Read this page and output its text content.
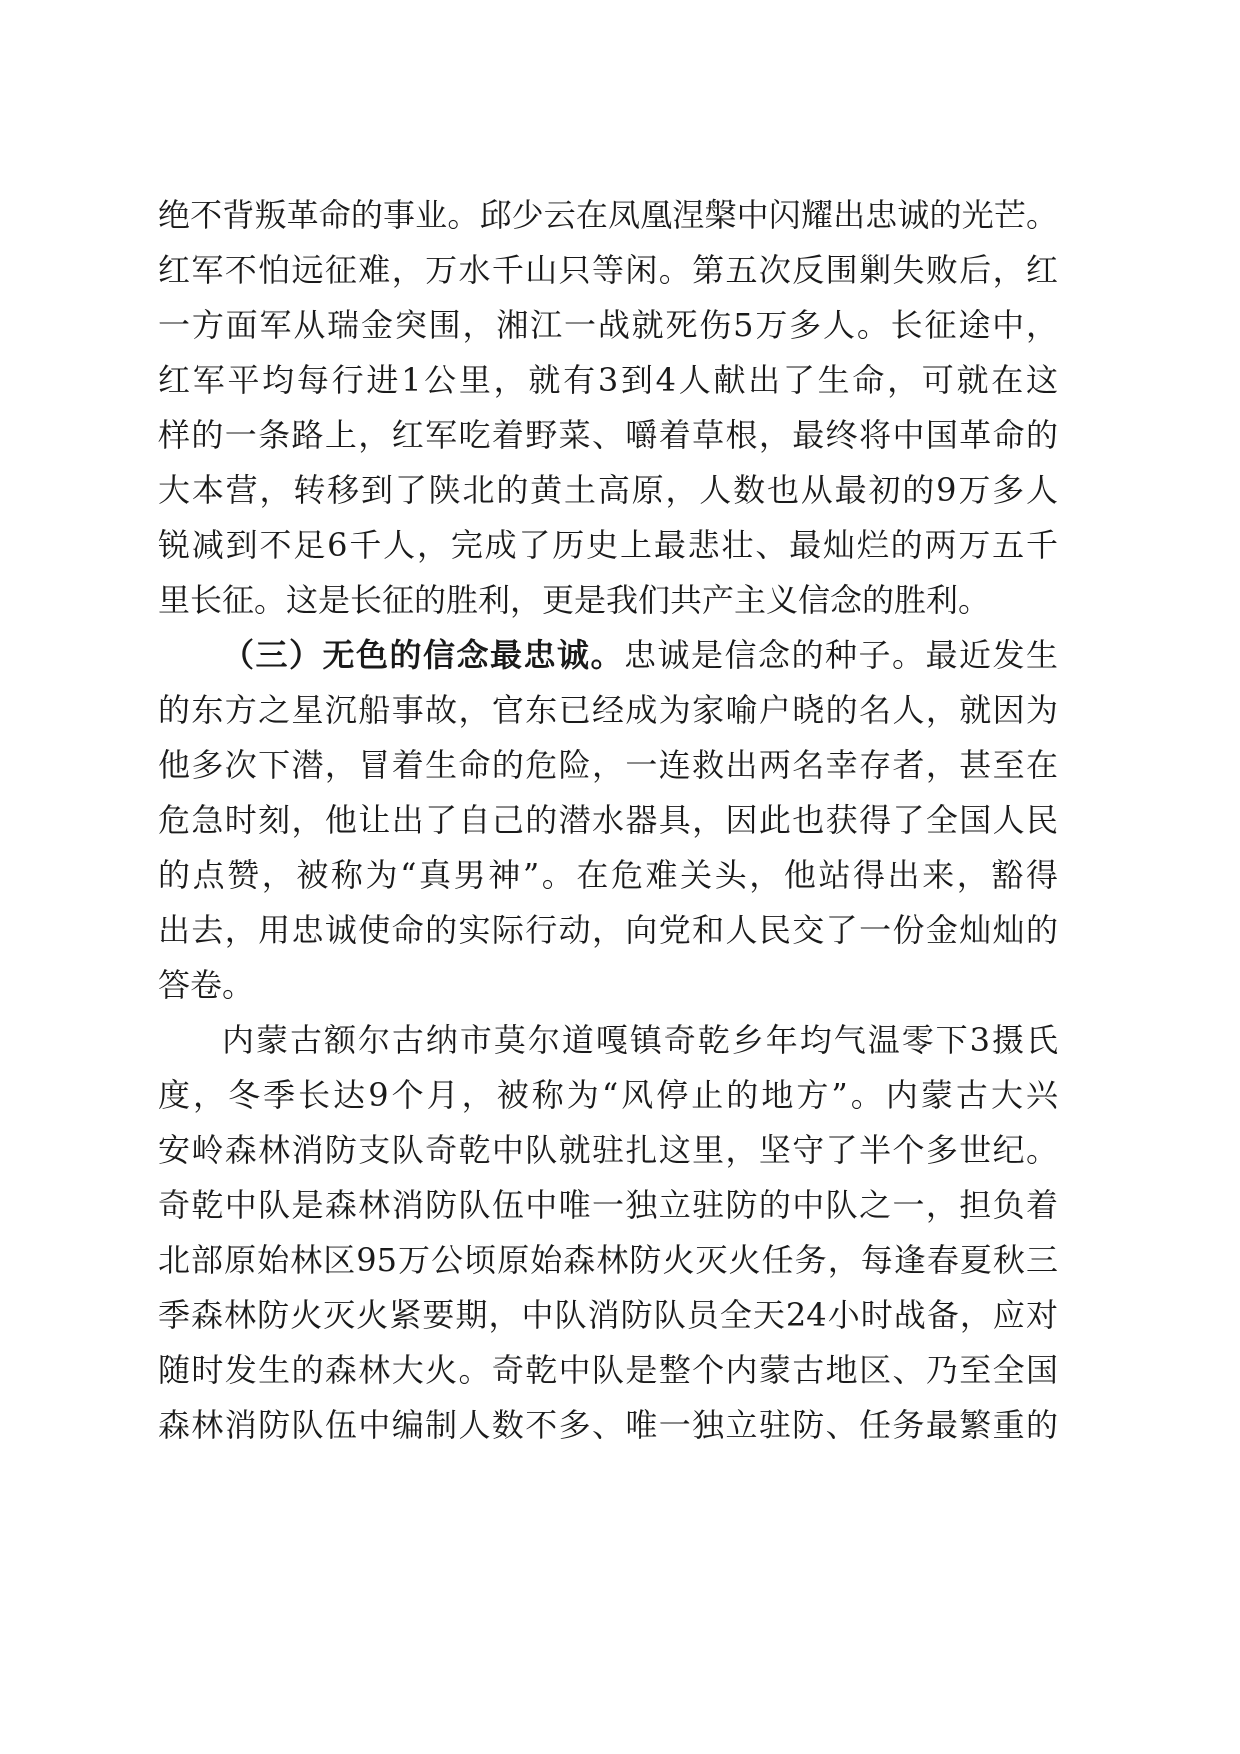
绝不背叛革命的事业。邱少云在凤凰涅槃中闪耀出忠诚的光芒。
红军不怕远征难，万水千山只等闲。第五次反围剿失败后，红
一方面军从瑞金突围，湘江一战就死伤5万多人。长征途中，
红军平均每行进1公里，就有3到4人献出了生命，可就在这
样的一条路上，红军吃着野菜、嚼着草根，最终将中国革命的
大本营，转移到了陕北的黄土高原，人数也从最初的9万多人
锐减到不足6千人，完成了历史上最悲壮、最灿烂的两万五千
里长征。这是长征的胜利，更是我们共产主义信念的胜利。
（三）无色的信念最忠诚。忠诚是信念的种子。最近发生
的东方之星沉船事故，官东已经成为家喻户晓的名人，就因为
他多次下潜，冒着生命的危险，一连救出两名幸存者，甚至在
危急时刻，他让出了自己的潜水器具，因此也获得了全国人民
的点赞，被称为“真男神”。在危难关头，他站得出来，豁得
出去，用忠诚使命的实际行动，向党和人民交了一份金灿灿的
答卷。
内蒙古额尔古纳市莫尔道嘎镇奇乾乡年均气温零下3摄氏
度，冬季长达9个月，被称为“风停止的地方”。内蒙古大兴
安岭森林消防支队奇乾中队就驻扎这里，坚守了半个多世纪。
奇乾中队是森林消防队伍中唯一独立驻防的中队之一，担负着
北部原始林区95万公顷原始森林防火灭火任务，每逢春夏秋三
季森林防火灭火紧要期，中队消防队员全天24小时战备，应对
随时发生的森林大火。奇乾中队是整个内蒙古地区、乃至全国
森林消防队伍中编制人数不多、唯一独立驻防、任务最繁重的
